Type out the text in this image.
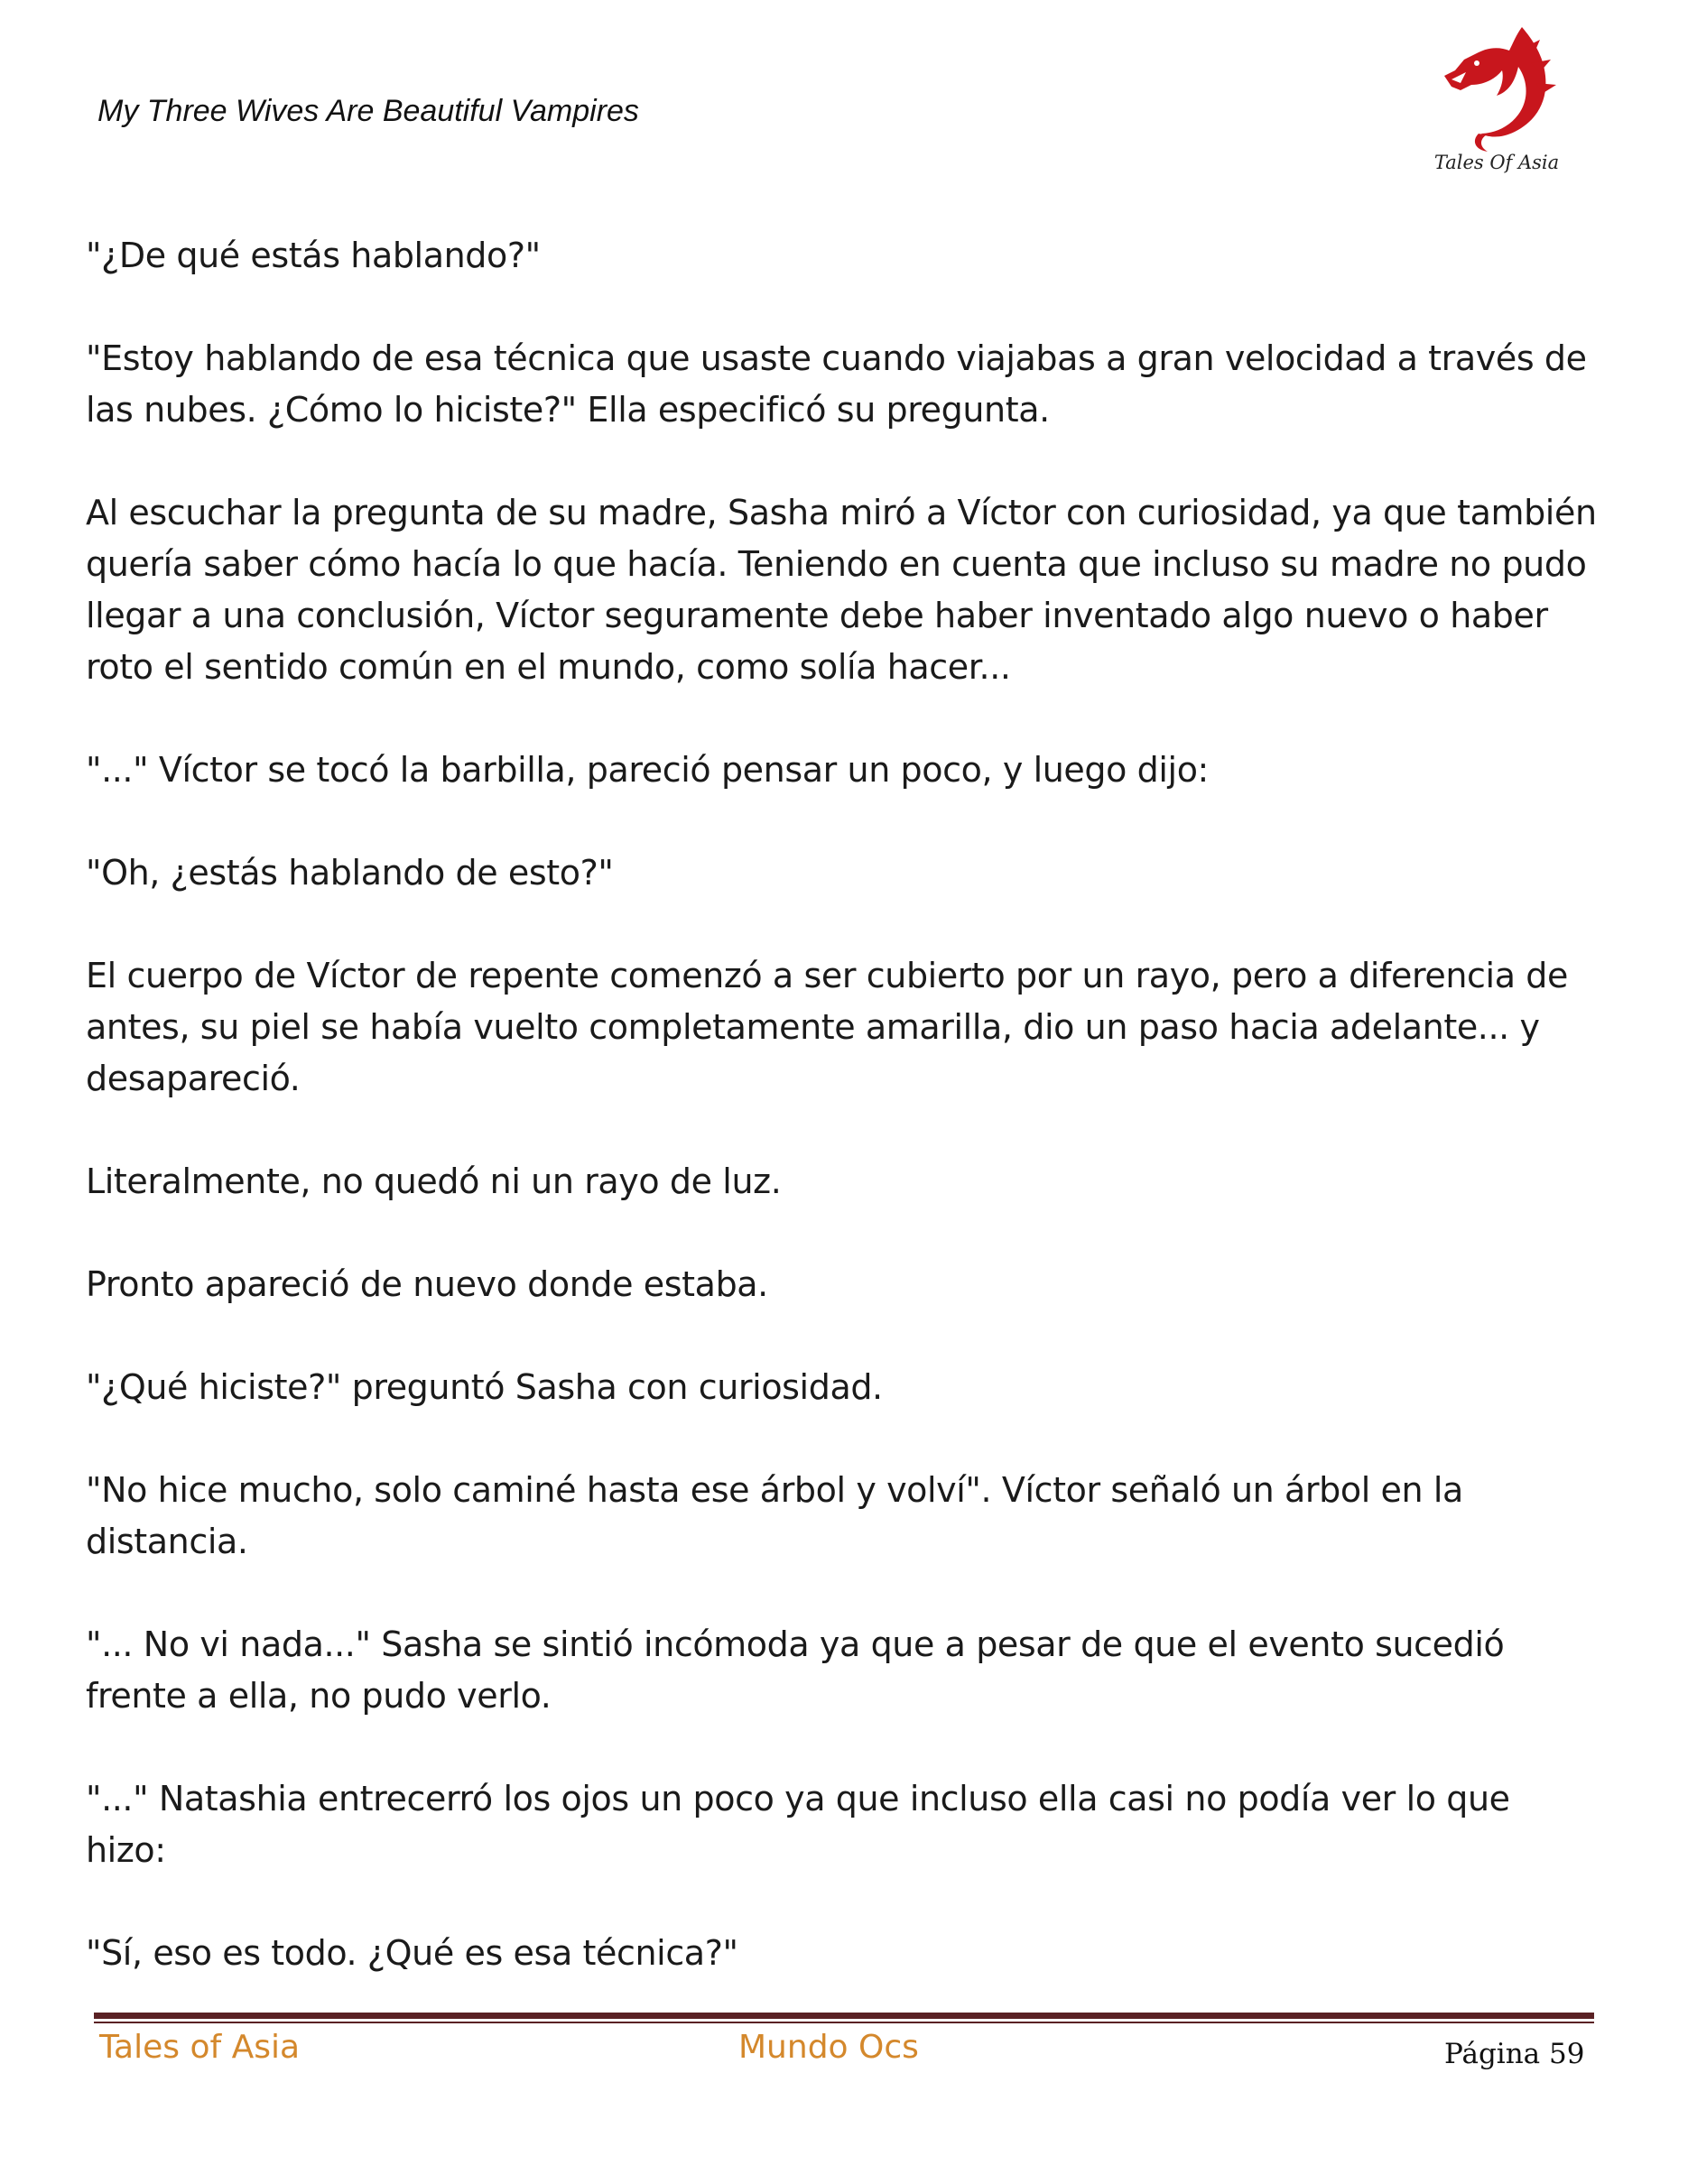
My Three Wives Are Beautiful Vampires
Tales Of Asia

"¿De qué estás hablando?"

"Estoy hablando de esa técnica que usaste cuando viajabas a gran velocidad a través de
las nubes. ¿Cómo lo hiciste?" Ella especificó su pregunta.

Al escuchar la pregunta de su madre, Sasha miró a Víctor con curiosidad, ya que también
quería saber cómo hacía lo que hacía. Teniendo en cuenta que incluso su madre no pudo
llegar a una conclusión, Víctor seguramente debe haber inventado algo nuevo o haber
roto el sentido común en el mundo, como solía hacer...

"..." Víctor se tocó la barbilla, pareció pensar un poco, y luego dijo:

"Oh, ¿estás hablando de esto?"

El cuerpo de Víctor de repente comenzó a ser cubierto por un rayo, pero a diferencia de
antes, su piel se había vuelto completamente amarilla, dio un paso hacia adelante... y
desapareció.

Literalmente, no quedó ni un rayo de luz.

Pronto apareció de nuevo donde estaba.

"¿Qué hiciste?" preguntó Sasha con curiosidad.

"No hice mucho, solo caminé hasta ese árbol y volví". Víctor señaló un árbol en la
distancia.

"... No vi nada..." Sasha se sintió incómoda ya que a pesar de que el evento sucedió
frente a ella, no pudo verlo.

"..." Natashia entrecerró los ojos un poco ya que incluso ella casi no podía ver lo que
hizo:

"Sí, eso es todo. ¿Qué es esa técnica?"

Tales of Asia	Mundo Ocs	Página 59
